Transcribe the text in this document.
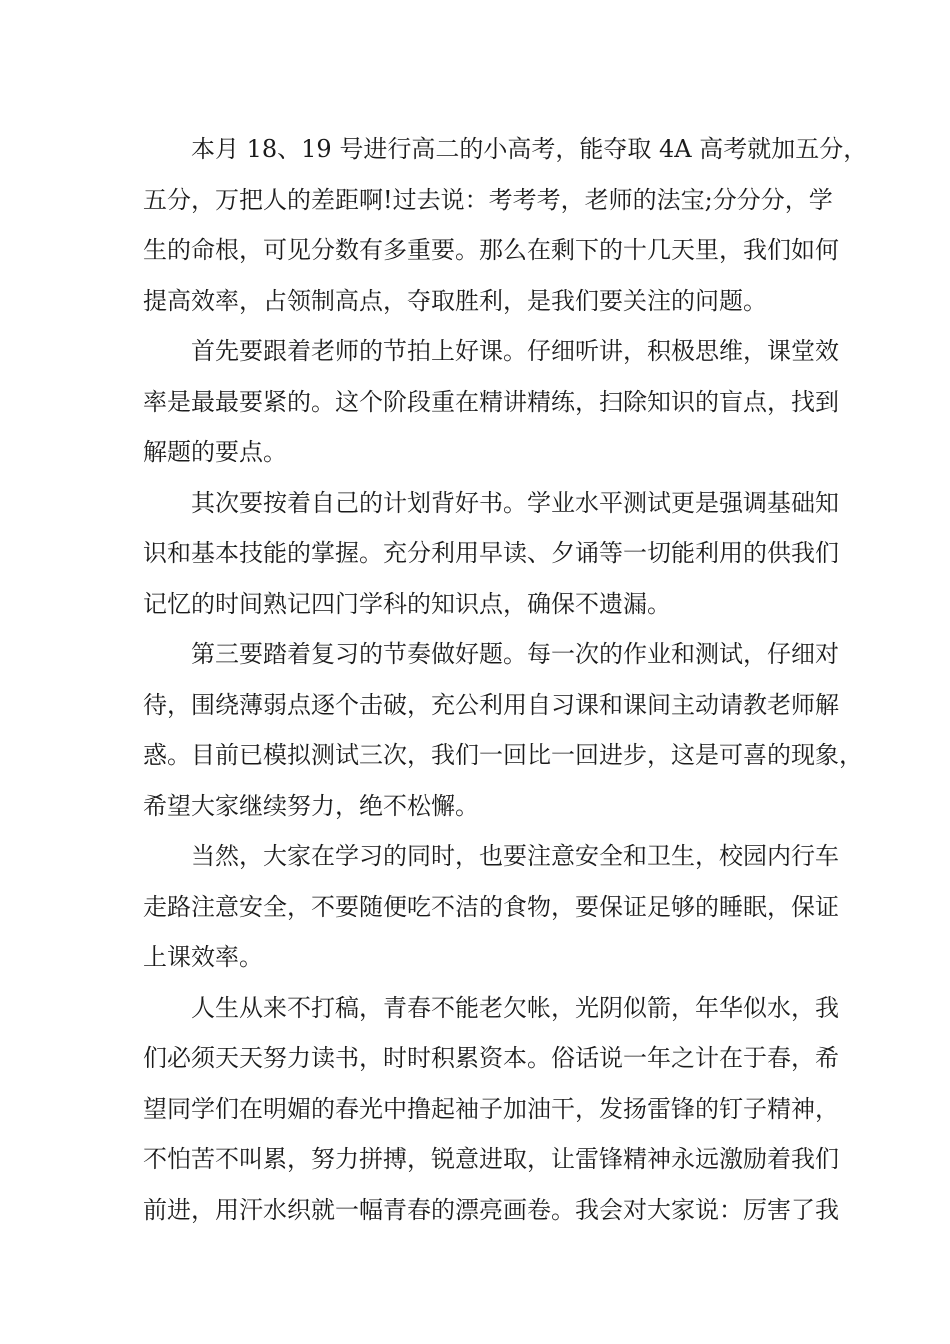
本月 18、19 号进行高二的小高考，能夺取 4A 高考就加五分，
五分，万把人的差距啊!过去说：考考考，老师的法宝;分分分，学
生的命根，可见分数有多重要。那么在剩下的十几天里，我们如何
提高效率，占领制高点，夺取胜利，是我们要关注的问题。
首先要跟着老师的节拍上好课。仔细听讲，积极思维，课堂效
率是最最要紧的。这个阶段重在精讲精练，扫除知识的盲点，找到
解题的要点。
其次要按着自己的计划背好书。学业水平测试更是强调基础知
识和基本技能的掌握。充分利用早读、夕诵等一切能利用的供我们
记忆的时间熟记四门学科的知识点，确保不遗漏。
第三要踏着复习的节奏做好题。每一次的作业和测试，仔细对
待，围绕薄弱点逐个击破，充公利用自习课和课间主动请教老师解
惑。目前已模拟测试三次，我们一回比一回进步，这是可喜的现象，
希望大家继续努力，绝不松懈。
当然，大家在学习的同时，也要注意安全和卫生，校园内行车
走路注意安全，不要随便吃不洁的食物，要保证足够的睡眠，保证
上课效率。
人生从来不打稿，青春不能老欠帐，光阴似箭，年华似水，我
们必须天天努力读书，时时积累资本。俗话说一年之计在于春，希
望同学们在明媚的春光中撸起袖子加油干，发扬雷锋的钉子精神，
不怕苦不叫累，努力拼搏，锐意进取，让雷锋精神永远激励着我们
前进，用汗水织就一幅青春的漂亮画卷。我会对大家说：厉害了我
